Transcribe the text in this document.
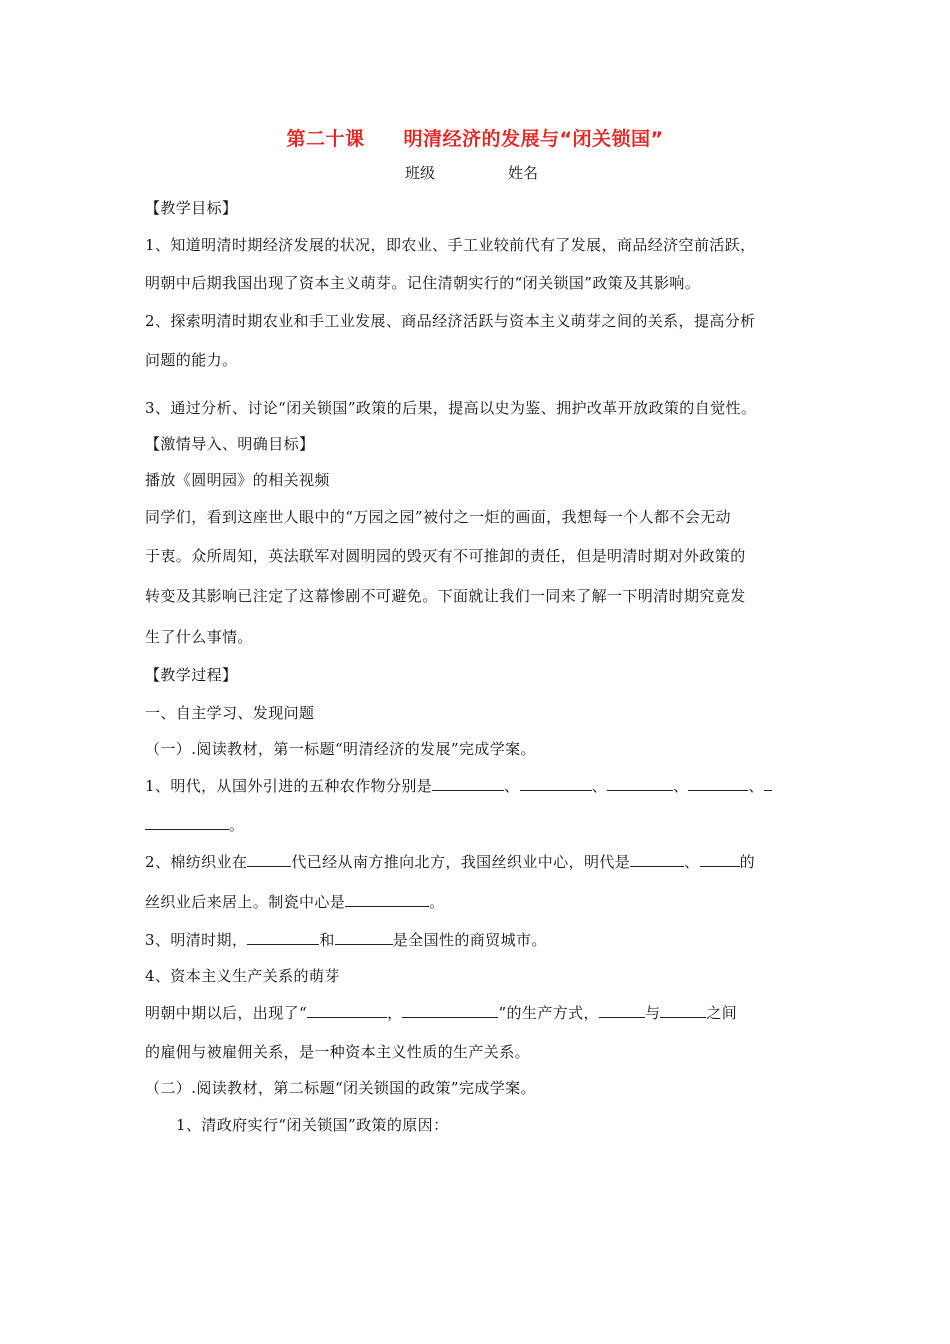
第二十课　　明清经济的发展与“闭关锁国”
班级	姓名
【教学目标】
1、知道明清时期经济发展的状况，即农业、手工业较前代有了发展，商品经济空前活跃，
明朝中后期我国出现了资本主义萌芽。记住清朝实行的“闭关锁国”政策及其影响。
2、探索明清时期农业和手工业发展、商品经济活跃与资本主义萌芽之间的关系，提高分析
问题的能力。
3、通过分析、讨论“闭关锁国”政策的后果，提高以史为鉴、拥护改革开放政策的自觉性。
【激情导入、明确目标】
播放《圆明园》的相关视频
同学们，看到这座世人眼中的“万园之园”被付之一炬的画面，我想每一个人都不会无动
于衷。众所周知，英法联军对圆明园的毁灭有不可推卸的责任，但是明清时期对外政策的
转变及其影响已注定了这幕惨剧不可避免。下面就让我们一同来了解一下明清时期究竟发
生了什么事情。
【教学过程】
一、自主学习、发现问题
（一）.阅读教材，第一标题“明清经济的发展”完成学案。
1、明代，从国外引进的五种农作物分别是	、	、	、	、
。
2、棉纺织业在	代已经从南方推向北方，我国丝织业中心，明代是	、	的
丝织业后来居上。制瓷中心是	。
3、明清时期，	和	是全国性的商贸城市。
4、资本主义生产关系的萌芽
明朝中期以后，出现了“	，	”的生产方式，	与	之间
的雇佣与被雇佣关系，是一种资本主义性质的生产关系。
（二）.阅读教材，第二标题“闭关锁国的政策”完成学案。
1、清政府实行“闭关锁国”政策的原因：
